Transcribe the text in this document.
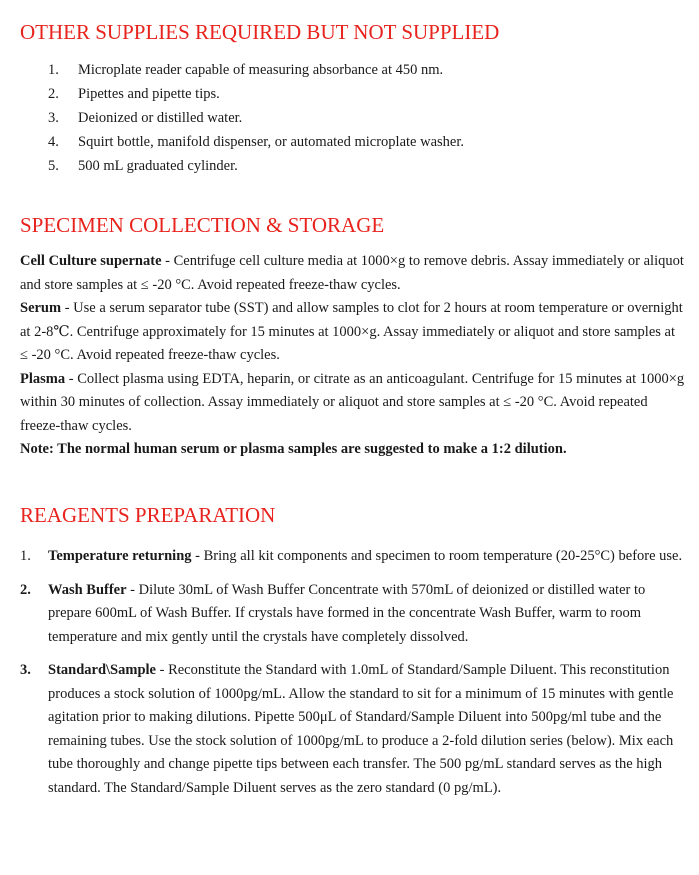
OTHER SUPPLIES REQUIRED BUT NOT SUPPLIED
1. Microplate reader capable of measuring absorbance at 450 nm.
2. Pipettes and pipette tips.
3. Deionized or distilled water.
4. Squirt bottle, manifold dispenser, or automated microplate washer.
5. 500 mL graduated cylinder.
SPECIMEN COLLECTION & STORAGE

Cell Culture supernate - Centrifuge cell culture media at 1000×g to remove debris. Assay immediately or aliquot and store samples at ≤ -20 °C. Avoid repeated freeze-thaw cycles.

Serum - Use a serum separator tube (SST) and allow samples to clot for 2 hours at room temperature or overnight at 2-8℃. Centrifuge approximately for 15 minutes at 1000×g. Assay immediately or aliquot and store samples at ≤ -20 °C. Avoid repeated freeze-thaw cycles.

Plasma - Collect plasma using EDTA, heparin, or citrate as an anticoagulant. Centrifuge for 15 minutes at 1000×g within 30 minutes of collection. Assay immediately or aliquot and store samples at ≤ -20 °C. Avoid repeated freeze-thaw cycles.

Note: The normal human serum or plasma samples are suggested to make a 1:2 dilution.

REAGENTS PREPARATION
1. Temperature returning - Bring all kit components and specimen to room temperature (20-25°C) before use.
2. Wash Buffer - Dilute 30mL of Wash Buffer Concentrate with 570mL of deionized or distilled water to prepare 600mL of Wash Buffer. If crystals have formed in the concentrate Wash Buffer, warm to room temperature and mix gently until the crystals have completely dissolved.
3. Standard\Sample - Reconstitute the Standard with 1.0mL of Standard/Sample Diluent. This reconstitution produces a stock solution of 1000pg/mL. Allow the standard to sit for a minimum of 15 minutes with gentle agitation prior to making dilutions. Pipette 500μL of Standard/Sample Diluent into 500pg/ml tube and the remaining tubes. Use the stock solution of 1000pg/mL to produce a 2-fold dilution series (below). Mix each tube thoroughly and change pipette tips between each transfer. The 500 pg/mL standard serves as the high standard. The Standard/Sample Diluent serves as the zero standard (0 pg/mL).
